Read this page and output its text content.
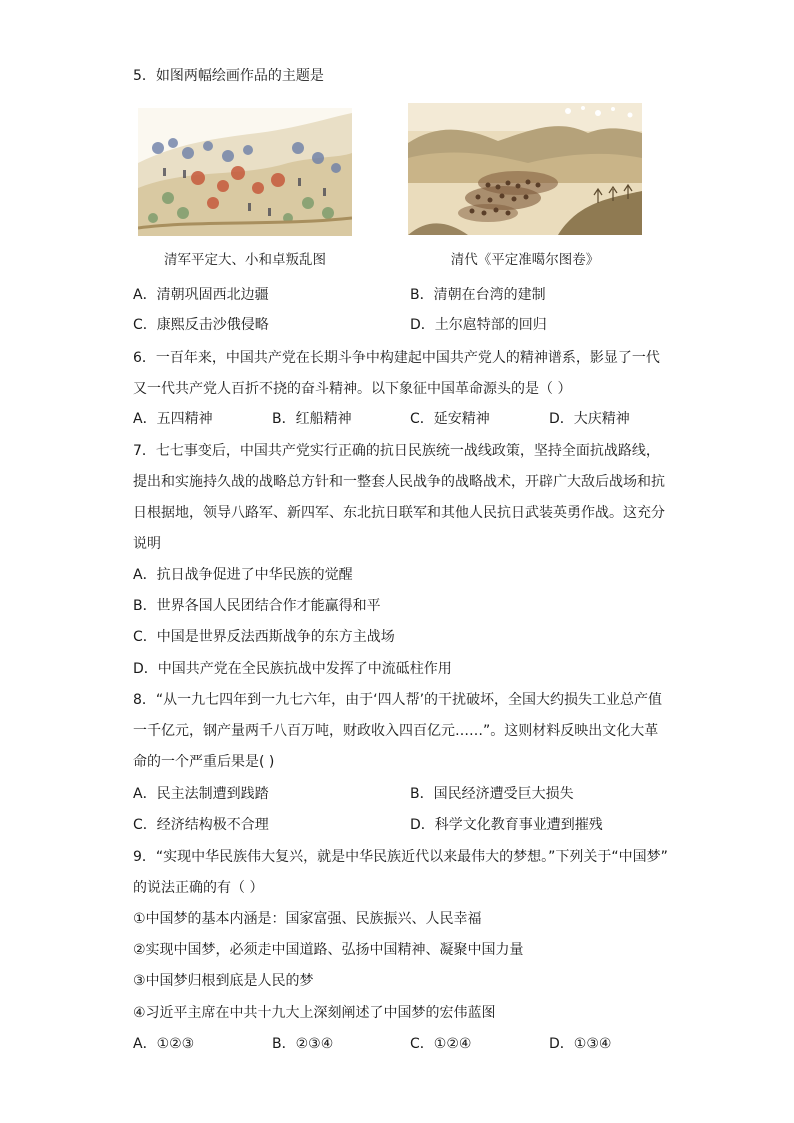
5．如图两幅绘画作品的主题是
清军平定大、小和卓叛乱图	清代《平定准噶尔图卷》
A．清朝巩固西北边疆	B．清朝在台湾的建制
C．康熙反击沙俄侵略	D．土尔扈特部的回归
6．一百年来，中国共产党在长期斗争中构建起中国共产党人的精神谱系，影显了一代
又一代共产党人百折不挠的奋斗精神。以下象征中国革命源头的是（ ）
A．五四精神	B．红船精神	C．延安精神	D．大庆精神
7．七七事变后，中国共产党实行正确的抗日民族统一战线政策，坚持全面抗战路线，
提出和实施持久战的战略总方针和一整套人民战争的战略战术，开辟广大敌后战场和抗
日根据地，领导八路军、新四军、东北抗日联军和其他人民抗日武装英勇作战。这充分
说明
A．抗日战争促进了中华民族的觉醒
B．世界各国人民团结合作才能赢得和平
C．中国是世界反法西斯战争的东方主战场
D．中国共产党在全民族抗战中发挥了中流砥柱作用
8．“从一九七四年到一九七六年，由于‘四人帮’的干扰破坏，全国大约损失工业总产值
一千亿元，钢产量两千八百万吨，财政收入四百亿元……”。这则材料反映出文化大革
命的一个严重后果是( )
A．民主法制遭到践踏	B．国民经济遭受巨大损失
C．经济结构极不合理	D．科学文化教育事业遭到摧残
9．“实现中华民族伟大复兴，就是中华民族近代以来最伟大的梦想。”下列关于“中国梦”
的说法正确的有（ ）
①中国梦的基本内涵是：国家富强、民族振兴、人民幸福
②实现中国梦，必须走中国道路、弘扬中国精神、凝聚中国力量
③中国梦归根到底是人民的梦
④习近平主席在中共十九大上深刻阐述了中国梦的宏伟蓝图
A．①②③	B．②③④	C．①②④	D．①③④
